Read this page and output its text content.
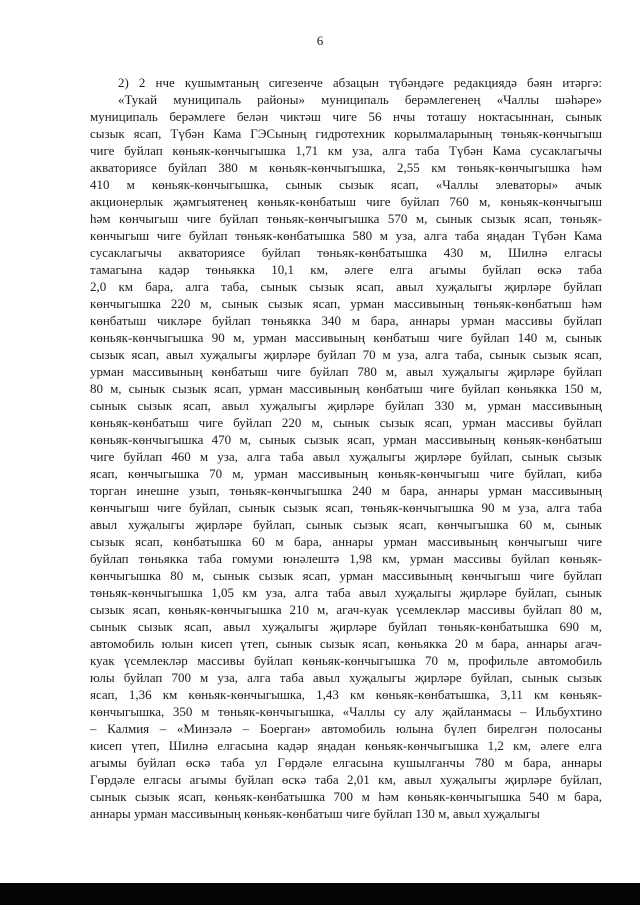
6
2) 2 нче кушымтаның сигезенче абзацын түбәндәге редакциядә бәян итәргә:
«Тукай муниципаль районы» муниципаль берәмлегенең «Чаллы шәһәре»
муниципаль берәмлеге белән чиктәш чиге 56 нчы тоташу ноктасыннан, сынык
сызык ясап, Түбән Кама ГЭСының гидротехник корылмаларының төньяк-көнчыгыш
чиге буйлап көньяк-көнчыгышка 1,71 км уза, алга таба Түбән Кама сусаклагычы
акваториясе буйлап 380 м көньяк-көнчыгышка, 2,55 км төньяк-көнчыгышка һәм
410 м көньяк-көнчыгышка, сынык сызык ясап, «Чаллы элеваторы» ачык
акционерлык җәмгыятенең көньяк-көнбатыш чиге буйлап 760 м, көньяк-көнчыгыш
һәм көнчыгыш чиге буйлап төньяк-көнчыгышка 570 м, сынык сызык ясап, төньяк-
көнчыгыш чиге буйлап төньяк-көнбатышка 580 м уза, алга таба яңадан Түбән Кама
сусаклагычы акваториясе буйлап төньяк-көнбатышка 430 м, Шилнә елгасы
тамагына кадәр төньякка 10,1 км, әлеге елга агымы буйлап өскә таба
2,0 км бара, алга таба, сынык сызык ясап, авыл хуҗалыгы җирләре буйлап
көнчыгышка 220 м, сынык сызык ясап, урман массивының төньяк-көнбатыш һәм
көнбатыш чикләре буйлап төньякка 340 м бара, аннары урман массивы буйлап
көньяк-көнчыгышка 90 м, урман массивының көнбатыш чиге буйлап 140 м, сынык
сызык ясап, авыл хуҗалыгы җирләре буйлап 70 м уза, алга таба, сынык сызык ясап,
урман массивының көнбатыш чиге буйлап 780 м, авыл хуҗалыгы җирләре буйлап
80 м, сынык сызык ясап, урман массивының көнбатыш чиге буйлап көньякка 150 м,
сынык сызык ясап, авыл хуҗалыгы җирләре буйлап 330 м, урман массивының
көньяк-көнбатыш чиге буйлап 220 м, сынык сызык ясап, урман массивы буйлап
көньяк-көнчыгышка 470 м, сынык сызык ясап, урман массивының көньяк-көнбатыш
чиге буйлап 460 м уза, алга таба авыл хуҗалыгы җирләре буйлап, сынык сызык
ясап, көнчыгышка 70 м, урман массивының көньяк-көнчыгыш чиге буйлап, кибә
торган инешне узып, төньяк-көнчыгышка 240 м бара, аннары урман массивының
көнчыгыш чиге буйлап, сынык сызык ясап, төньяк-көнчыгышка 90 м уза, алга таба
авыл хуҗалыгы җирләре буйлап, сынык сызык ясап, көнчыгышка 60 м, сынык
сызык ясап, көнбатышка 60 м бара, аннары урман массивының көнчыгыш чиге
буйлап төньякка таба гомуми юнәлештә 1,98 км, урман массивы буйлап көньяк-
көнчыгышка 80 м, сынык сызык ясап, урман массивының көнчыгыш чиге буйлап
төньяк-көнчыгышка 1,05 км уза, алга таба авыл хуҗалыгы җирләре буйлап, сынык
сызык ясап, көньяк-көнчыгышка 210 м, агач-куак үсемлекләр массивы буйлап 80 м,
сынык сызык ясап, авыл хуҗалыгы җирләре буйлап төньяк-көнбатышка 690 м,
автомобиль юлын кисеп үтеп, сынык сызык ясап, көньякка 20 м бара, аннары агач-
куак үсемлекләр массивы буйлап көньяк-көнчыгышка 70 м, профильле автомобиль
юлы буйлап 700 м уза, алга таба авыл хуҗалыгы җирләре буйлап, сынык сызык
ясап, 1,36 км көньяк-көнчыгышка, 1,43 км көньяк-көнбатышка, 3,11 км көньяк-
көнчыгышка, 350 м төньяк-көнчыгышка, «Чаллы су алу җайланмасы – Ильбухтино
– Калмия – «Минзәлә – Боерган» автомобиль юлына бүлеп бирелгән полосаны
кисеп үтеп, Шилнә елгасына кадәр яңадан көньяк-көнчыгышка 1,2 км, әлеге елга
агымы буйлап өскә таба ул Гөрдәле елгасына кушылганчы 780 м бара, аннары
Гөрдәле елгасы агымы буйлап өскә таба 2,01 км, авыл хуҗалыгы җирләре буйлап,
сынык сызык ясап, көньяк-көнбатышка 700 м һәм көньяк-көнчыгышка 540 м бара,
аннары урман массивының көньяк-көнбатыш чиге буйлап 130 м, авыл хуҗалыгы
